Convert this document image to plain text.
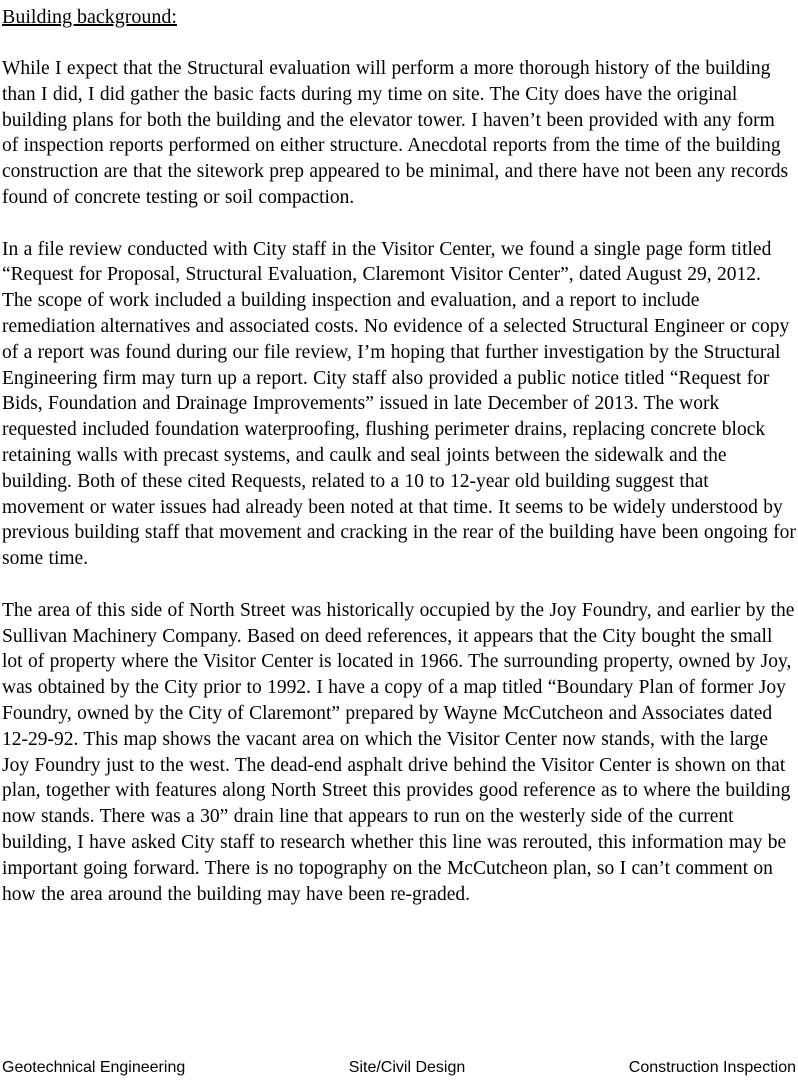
Building background:

While I expect that the Structural evaluation will perform a more thorough history of the building than I did, I did gather the basic facts during my time on site. The City does have the original building plans for both the building and the elevator tower. I haven’t been provided with any form of inspection reports performed on either structure. Anecdotal reports from the time of the building construction are that the sitework prep appeared to be minimal, and there have not been any records found of concrete testing or soil compaction.

In a file review conducted with City staff in the Visitor Center, we found a single page form titled “Request for Proposal, Structural Evaluation, Claremont Visitor Center”, dated August 29, 2012. The scope of work included a building inspection and evaluation, and a report to include remediation alternatives and associated costs. No evidence of a selected Structural Engineer or copy of a report was found during our file review, I’m hoping that further investigation by the Structural Engineering firm may turn up a report. City staff also provided a public notice titled “Request for Bids, Foundation and Drainage Improvements” issued in late December of 2013. The work requested included foundation waterproofing, flushing perimeter drains, replacing concrete block retaining walls with precast systems, and caulk and seal joints between the sidewalk and the building. Both of these cited Requests, related to a 10 to 12-year old building suggest that movement or water issues had already been noted at that time. It seems to be widely understood by previous building staff that movement and cracking in the rear of the building have been ongoing for some time.

The area of this side of North Street was historically occupied by the Joy Foundry, and earlier by the Sullivan Machinery Company. Based on deed references, it appears that the City bought the small lot of property where the Visitor Center is located in 1966. The surrounding property, owned by Joy, was obtained by the City prior to 1992. I have a copy of a map titled “Boundary Plan of former Joy Foundry, owned by the City of Claremont” prepared by Wayne McCutcheon and Associates dated 12-29-92. This map shows the vacant area on which the Visitor Center now stands, with the large Joy Foundry just to the west. The dead-end asphalt drive behind the Visitor Center is shown on that plan, together with features along North Street this provides good reference as to where the building now stands. There was a 30” drain line that appears to run on the westerly side of the current building, I have asked City staff to research whether this line was rerouted, this information may be important going forward. There is no topography on the McCutcheon plan, so I can’t comment on how the area around the building may have been re-graded.

Geotechnical Engineering	Site/Civil Design	Construction Inspection
